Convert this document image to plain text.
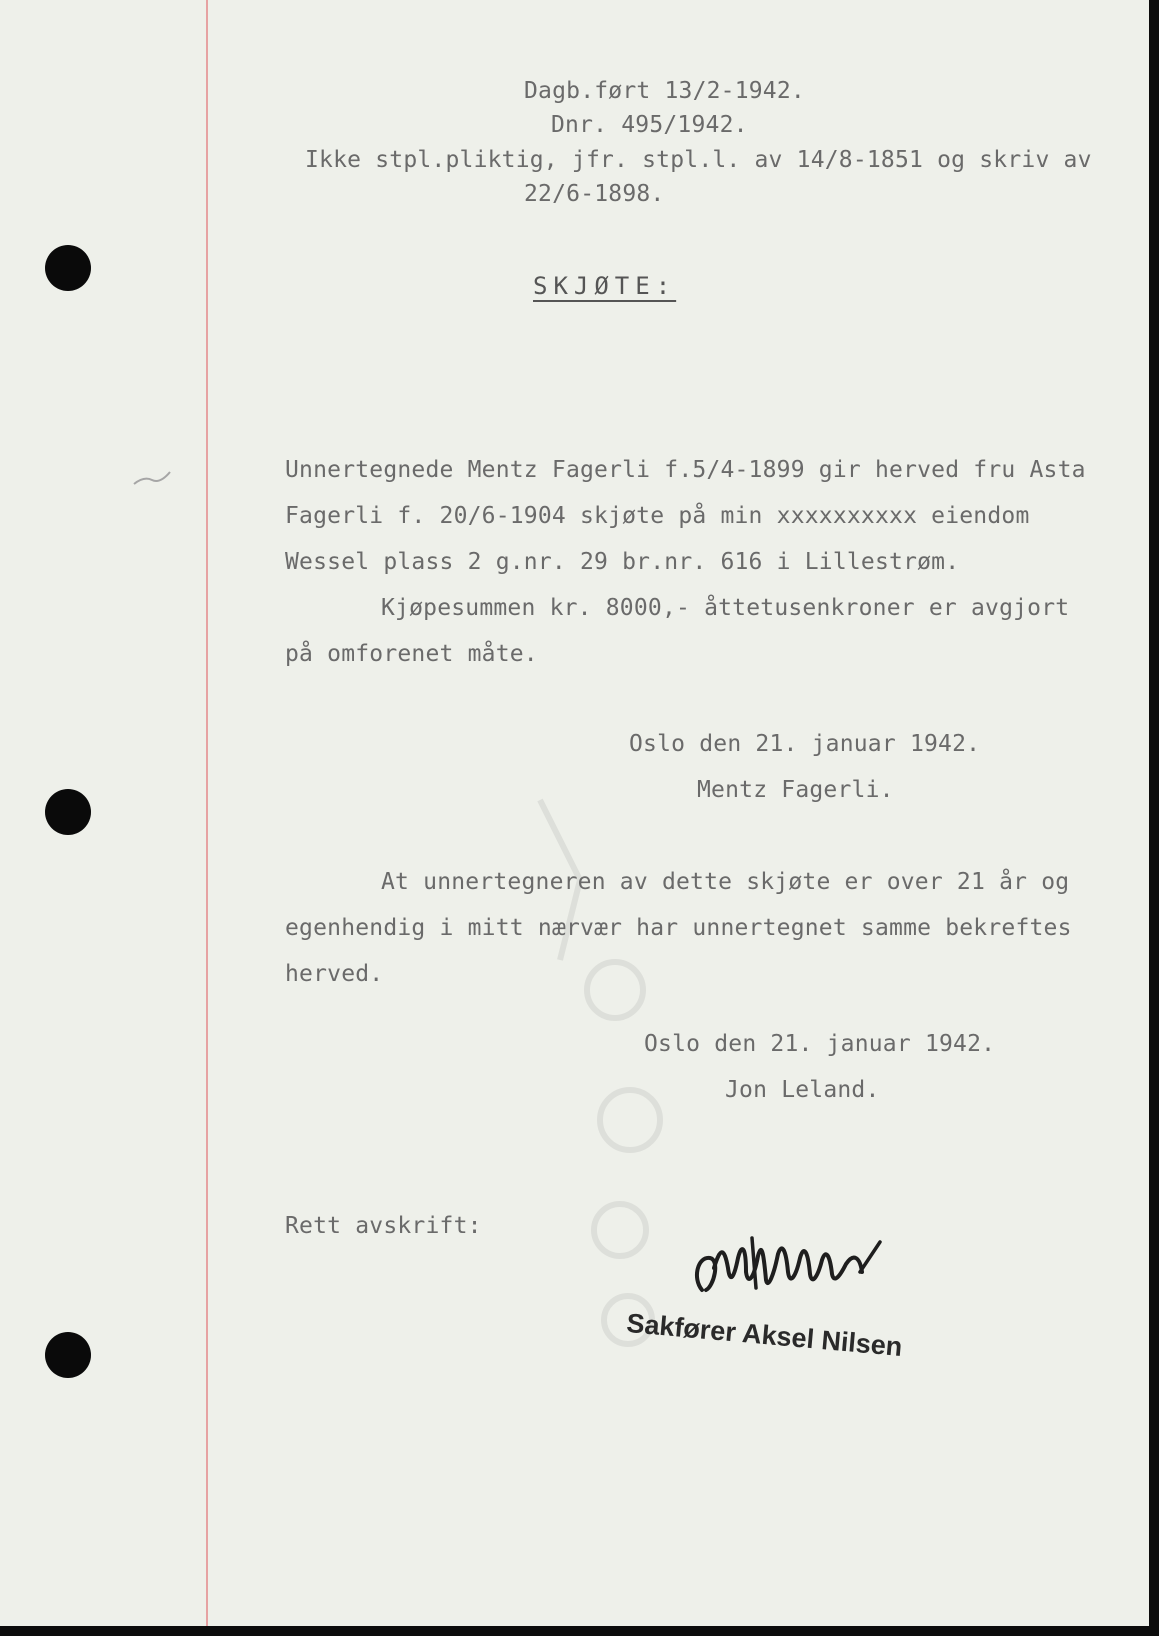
Dagb.ført 13/2-1942.

Dnr. 495/1942.

Ikke stpl.pliktig, jfr. stpl.l. av 14/8-1851 og skriv av

22/6-1898.

SKJØTE:

Unnertegnede Mentz Fagerli f.5/4-1899 gir herved fru Asta

Fagerli f. 20/6-1904 skjøte på min xxxxxxxxxx eiendom

Wessel plass 2 g.nr. 29 br.nr. 616 i Lillestrøm.

Kjøpesummen kr. 8000,- åttetusenkroner er avgjort

på omforenet måte.

Oslo den 21. januar 1942.

Mentz Fagerli.

At unnertegneren av dette skjøte er over 21 år og

egenhendig i mitt nærvær har unnertegnet samme bekreftes

herved.

Oslo den 21. januar 1942.

Jon Leland.

Rett avskrift:

Sakfører Aksel Nilsen
